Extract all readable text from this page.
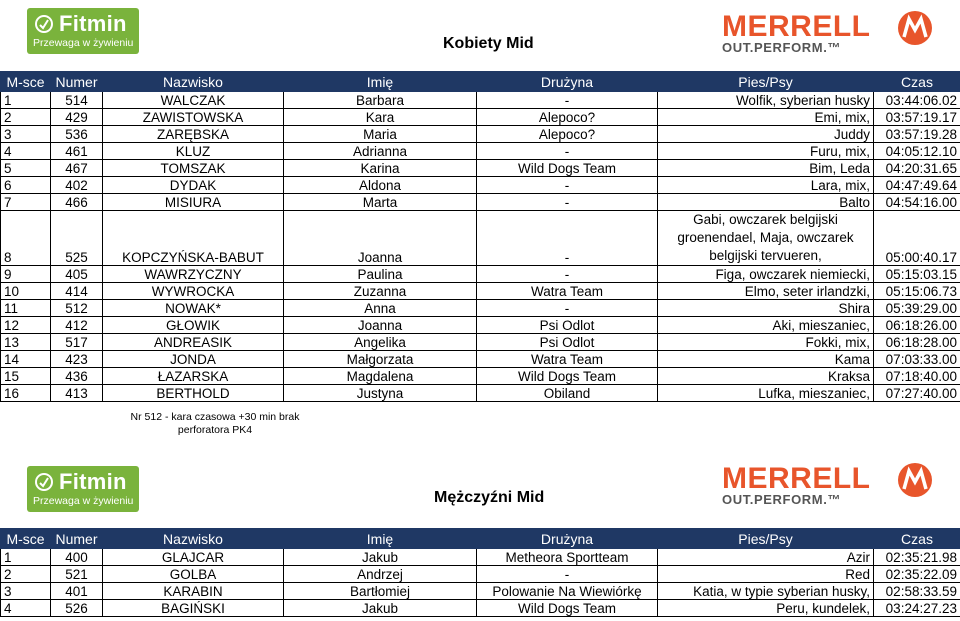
Fitmin
Przewaga w żywieniu	Kobiety Mid
MERRELL
OUT.PERFORM.™
M-sce	Numer	Nazwisko	Imię	Drużyna	Pies/Psy	Czas
1	514	WALCZAK	Barbara	-	Wolfik, syberian husky	03:44:06.02
2	429	ZAWISTOWSKA	Kara	Alepoco?	Emi, mix,	03:57:19.17
3	536	ZARĘBSKA	Maria	Alepoco?	Juddy	03:57:19.28
4	461	KLUZ	Adrianna	-	Furu, mix,	04:05:12.10
5	467	TOMSZAK	Karina	Wild Dogs Team	Bim, Leda	04:20:31.65
6	402	DYDAK	Aldona	-	Lara, mix,	04:47:49.64
7	466	MISIURA	Marta	-	Balto	04:54:16.00
8	525	KOPCZYŃSKA-BABUT	Joanna	-	Gabi, owczarek belgijski groenendael, Maja, owczarek belgijski tervueren,	05:00:40.17
9	405	WAWRZYCZNY	Paulina	-	Figa, owczarek niemiecki,	05:15:03.15
10	414	WYWROCKA	Zuzanna	Watra Team	Elmo, seter irlandzki,	05:15:06.73
11	512	NOWAK*	Anna	-	Shira	05:39:29.00
12	412	GŁOWIK	Joanna	Psi Odlot	Aki, mieszaniec,	06:18:26.00
13	517	ANDREASIK	Angelika	Psi Odlot	Fokki, mix,	06:18:28.00
14	423	JONDA	Małgorzata	Watra Team	Kama	07:03:33.00
15	436	ŁAZARSKA	Magdalena	Wild Dogs Team	Kraksa	07:18:40.00
16	413	BERTHOLD	Justyna	Obiland	Lufka, mieszaniec,	07:27:40.00
Nr 512 - kara czasowa +30 min brak perforatora PK4
Fitmin
Przewaga w żywieniu	Mężczyźni Mid
MERRELL
OUT.PERFORM.™
M-sce	Numer	Nazwisko	Imię	Drużyna	Pies/Psy	Czas
1	400	GLAJCAR	Jakub	Metheora Sportteam	Azir	02:35:21.98
2	521	GOLBA	Andrzej	-	Red	02:35:22.09
3	401	KARABIN	Bartłomiej	Polowanie Na Wiewiórkę	Katia, w typie syberian husky,	02:58:33.59
4	526	BAGIŃSKI	Jakub	Wild Dogs Team	Peru, kundelek,	03:24:27.23
